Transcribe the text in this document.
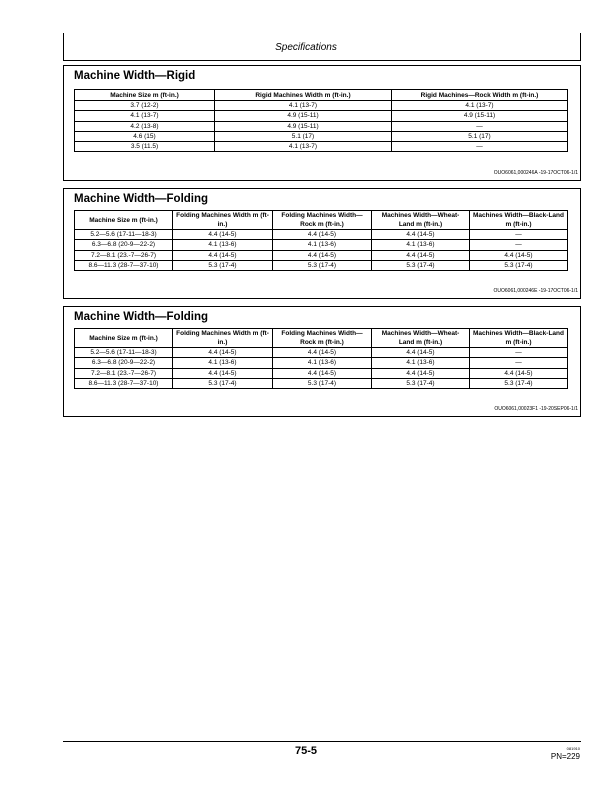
Specifications
Machine Width—Rigid
Machine Size m (ft-in.)	Rigid Machines Width m (ft-in.)	Rigid Machines—Rock Width m (ft-in.)
3.7 (12-2)	4.1 (13-7)	4.1 (13-7)
4.1 (13-7)	4.9 (15-11)	4.9 (15-11)
4.2 (13-8)	4.9 (15-11)	—
4.6 (15)	5.1 (17)	5.1 (17)
3.5 (11.5)	4.1 (13-7)	—
OUO6061,000246A -19-17OCT06-1/1
Machine Width—Folding
Machine Size m (ft-in.)	Folding Machines Width m (ft-in.)	Folding Machines Width—Rock m (ft-in.)	Machines Width—Wheat-Land m (ft-in.)	Machines Width—Black-Land m (ft-in.)
5.2—5.6 (17-11—18-3)	4.4 (14-5)	4.4 (14-5)	4.4 (14-5)	—
6.3—6.8 (20-9—22-2)	4.1 (13-6)	4.1 (13-6)	4.1 (13-6)	—
7.2—8.1 (23.-7—26-7)	4.4 (14-5)	4.4 (14-5)	4.4 (14-5)	4.4 (14-5)
8.6—11.3 (28-7—37-10)	5.3 (17-4)	5.3 (17-4)	5.3 (17-4)	5.3 (17-4)
OUO6061,000246E -19-17OCT06-1/1
Machine Width—Folding
Machine Size m (ft-in.)	Folding Machines Width m (ft-in.)	Folding Machines Width—Rock m (ft-in.)	Machines Width—Wheat-Land m (ft-in.)	Machines Width—Black-Land m (ft-in.)
5.2—5.6 (17-11—18-3)	4.4 (14-5)	4.4 (14-5)	4.4 (14-5)	—
6.3—6.8 (20-9—22-2)	4.1 (13-6)	4.1 (13-6)	4.1 (13-6)	—
7.2—8.1 (23.-7—26-7)	4.4 (14-5)	4.4 (14-5)	4.4 (14-5)	4.4 (14-5)
8.6—11.3 (28-7—37-10)	5.3 (17-4)	5.3 (17-4)	5.3 (17-4)	5.3 (17-4)
OUO6061,00023F1 -19-20SEP06-1/1
75-5	081910
PN=229
